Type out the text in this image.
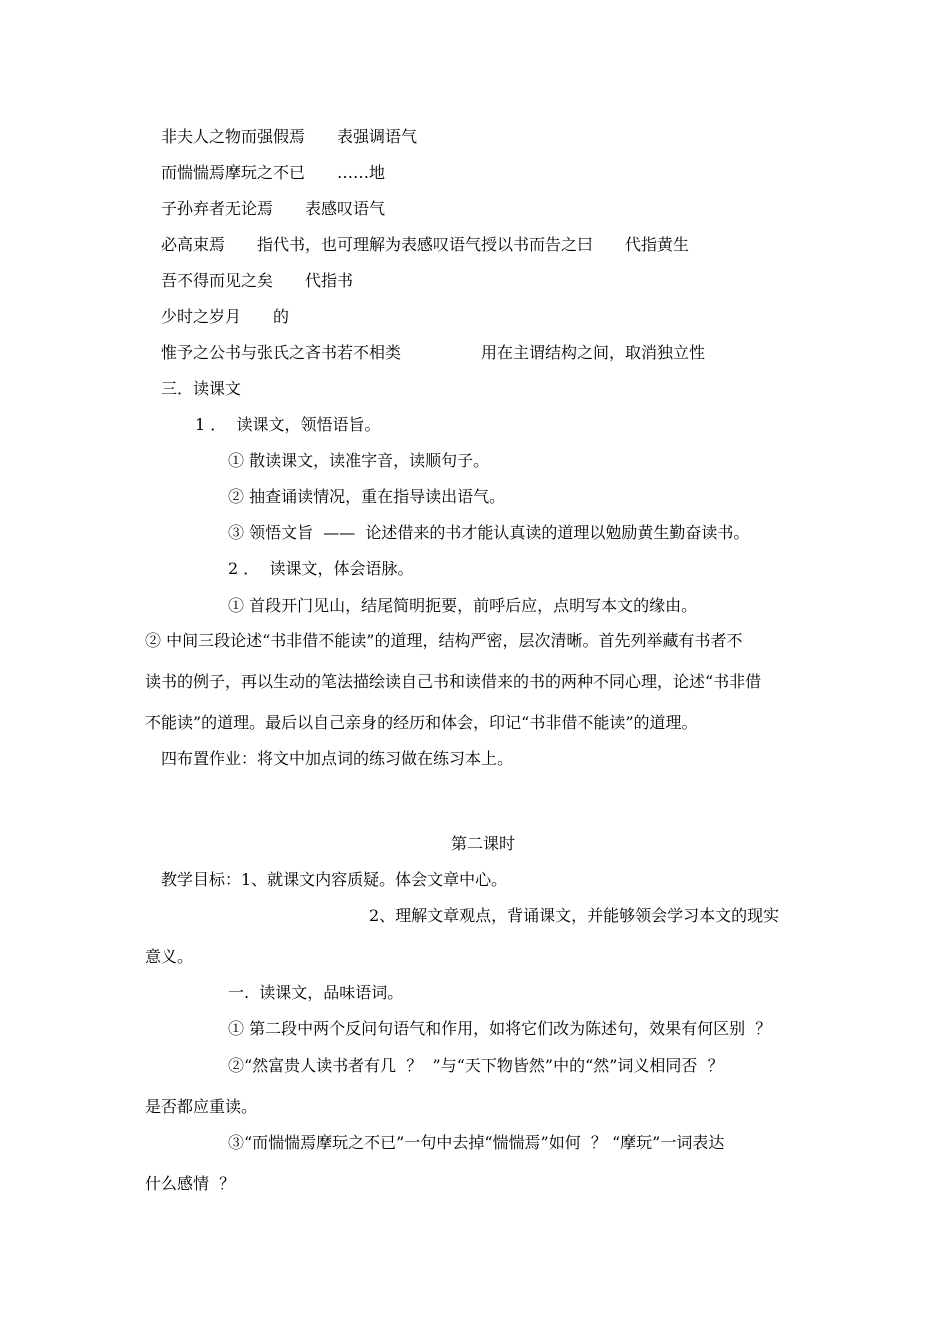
非夫人之物而强假焉　　表强调语气
而惴惴焉摩玩之不已　　……地
子孙弃者无论焉　　表感叹语气
必高束焉　　指代书，也可理解为表感叹语气授以书而告之曰　　代指黄生
吾不得而见之矣　　代指书
少时之岁月　　的
惟予之公书与张氏之吝书若不相类　　　　　用在主谓结构之间，取消独立性
三．读课文
1 ．  读课文，领悟语旨。
① 散读课文，读准字音，读顺句子。
② 抽查诵读情况，重在指导读出语气。
③ 领悟文旨  ——  论述借来的书才能认真读的道理以勉励黄生勤奋读书。
2 ．  读课文，体会语脉。
① 首段开门见山，结尾简明扼要，前呼后应，点明写本文的缘由。
② 中间三段论述“书非借不能读”的道理，结构严密，层次清晰。首先列举藏有书者不
读书的例子，再以生动的笔法描绘读自己书和读借来的书的两种不同心理，论述“书非借
不能读”的道理。最后以自己亲身的经历和体会，印记“书非借不能读”的道理。
四布置作业：将文中加点词的练习做在练习本上。
第二课时
教学目标：1、就课文内容质疑。体会文章中心。
2、理解文章观点，背诵课文，并能够领会学习本文的现实
意义。
一.  读课文，品味语词。
① 第二段中两个反问句语气和作用，如将它们改为陈述句，效果有何区别  ？
②“然富贵人读书者有几  ？  ”与“天下物皆然”中的“然”词义相同否  ？
是否都应重读。
③“而惴惴焉摩玩之不已”一句中去掉“惴惴焉”如何  ？ “摩玩”一词表达
什么感情  ？
